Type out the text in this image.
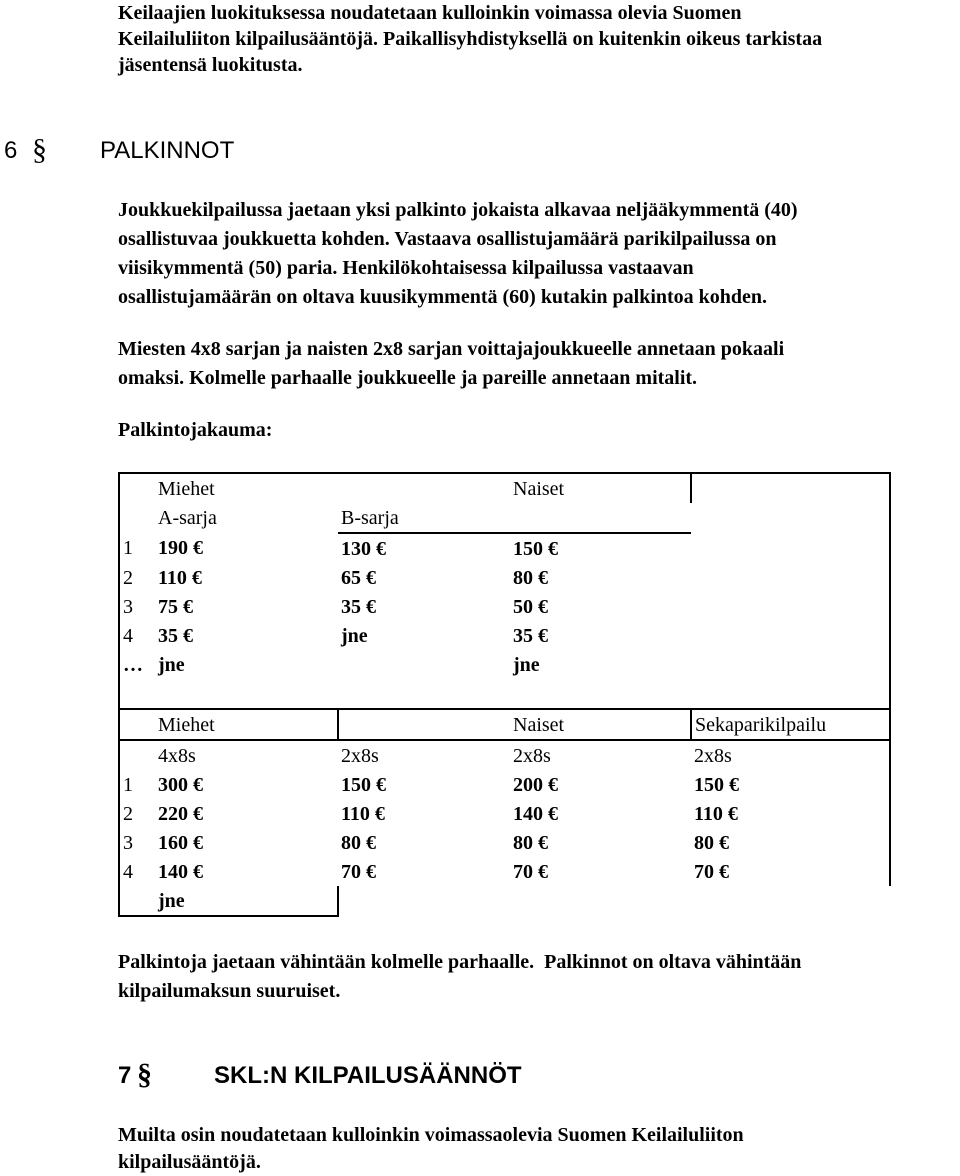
Keilaajien luokituksessa noudatetaan kulloinkin voimassa olevia Suomen
Keilailuliiton kilpailusääntöjä. Paikallisyhdistyksellä on kuitenkin oikeus tarkistaa
jäsentensä luokitusta.
6 § PALKINNOT
Joukkuekilpailussa jaetaan yksi palkinto jokaista alkavaa neljääkymmentä (40)
osallistuvaa joukkuetta kohden. Vastaava osallistujamäärä parikilpailussa on
viisikymmentä (50) paria. Henkilökohtaisessa kilpailussa vastaavan
osallistujamäärän on oltava kuusikymmentä (60) kutakin palkintoa kohden.
Miesten 4x8 sarjan ja naisten 2x8 sarjan voittajajoukkueelle annetaan pokaali
omaksi. Kolmelle parhaalle joukkueelle ja pareille annetaan mitalit.
Palkintojakauma:
	Miehet		Naiset	
	A-sarja	B-sarja		
1	190 €	130 €	150 €	
2	110 €	65 €	80 €	
3	75 €	35 €	50 €	
4	35 €	jne	35 €	
…	jne		jne	

	Miehet		Naiset	Sekaparikilpailu
	4x8s	2x8s	2x8s	2x8s
1	300 €	150 €	200 €	150 €
2	220 €	110 €	140 €	110 €
3	160 €	80 €	80 €	80 €
4	140 €	70 €	70 €	70 €
	jne			
Palkintoja jaetaan vähintään kolmelle parhaalle.  Palkinnot on oltava vähintään
kilpailumaksun suuruiset.
7 §	SKL:N KILPAILUSÄÄNNÖT
Muilta osin noudatetaan kulloinkin voimassaolevia Suomen Keilailuliiton
kilpailusääntöjä.
